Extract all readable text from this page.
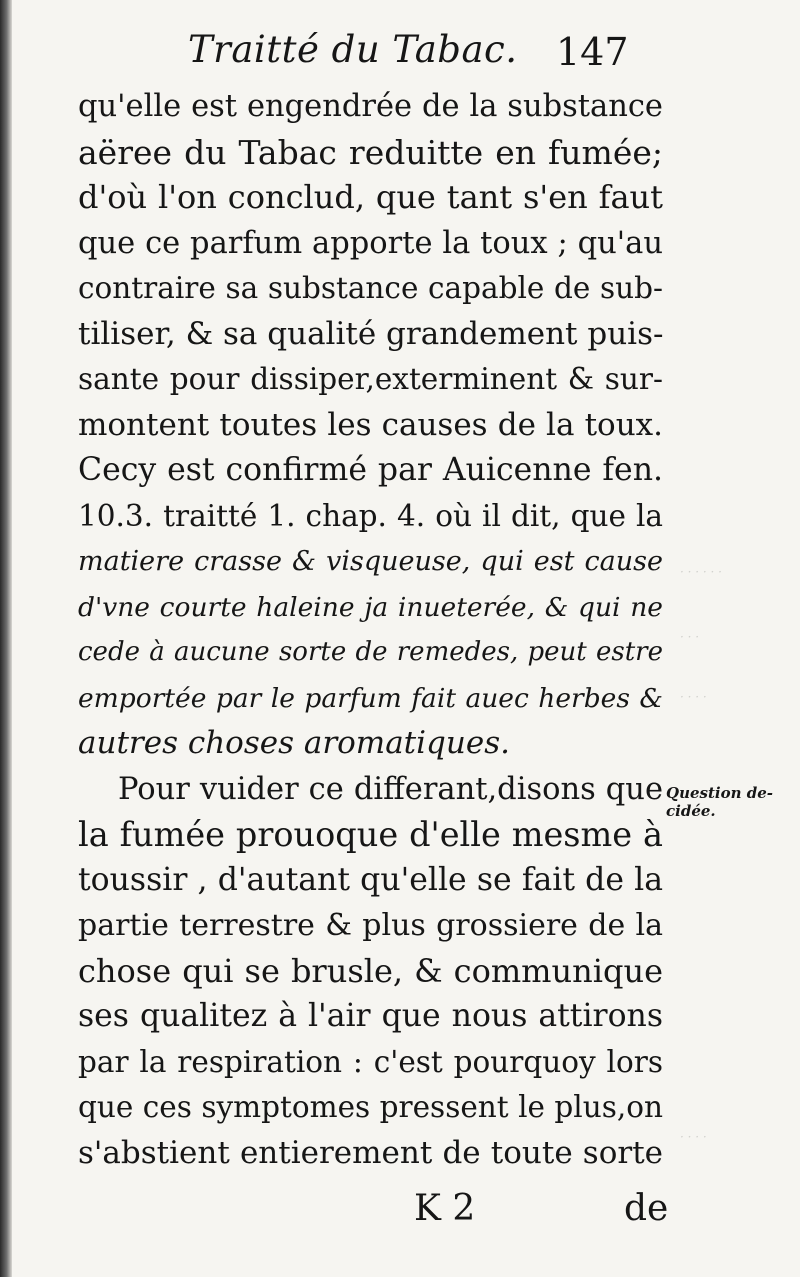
· · · · · ·
· · ·
· · · ·
· · · ·
Traitté du Tabac. 147
qu'elle est engendrée de la substance
aëree du Tabac reduitte en fumée;
d'où l'on conclud, que tant s'en faut
que ce parfum apporte la toux ; qu'au
contraire sa substance capable de sub-
tiliser, & sa qualité grandement puis-
sante pour dissiper,exterminent & sur-
montent toutes les causes de la toux.
Cecy est confirmé par Auicenne fen.
10.3. traitté 1. chap. 4. où il dit, que la
matiere crasse & visqueuse, qui est cause
d'vne courte haleine ja inueterée, & qui ne
cede à aucune sorte de remedes, peut estre
emportée par le parfum fait auec herbes &
autres choses aromatiques.
Pour vuider ce differant,disons que
la fumée prouoque d'elle mesme à
toussir , d'autant qu'elle se fait de la
partie terrestre & plus grossiere de la
chose qui se brusle, & communique
ses qualitez à l'air que nous attirons
par la respiration : c'est pourquoy lors
que ces symptomes pressent le plus,on
s'abstient entierement de toute sorte
Question de-
cidée.
K 2	de
